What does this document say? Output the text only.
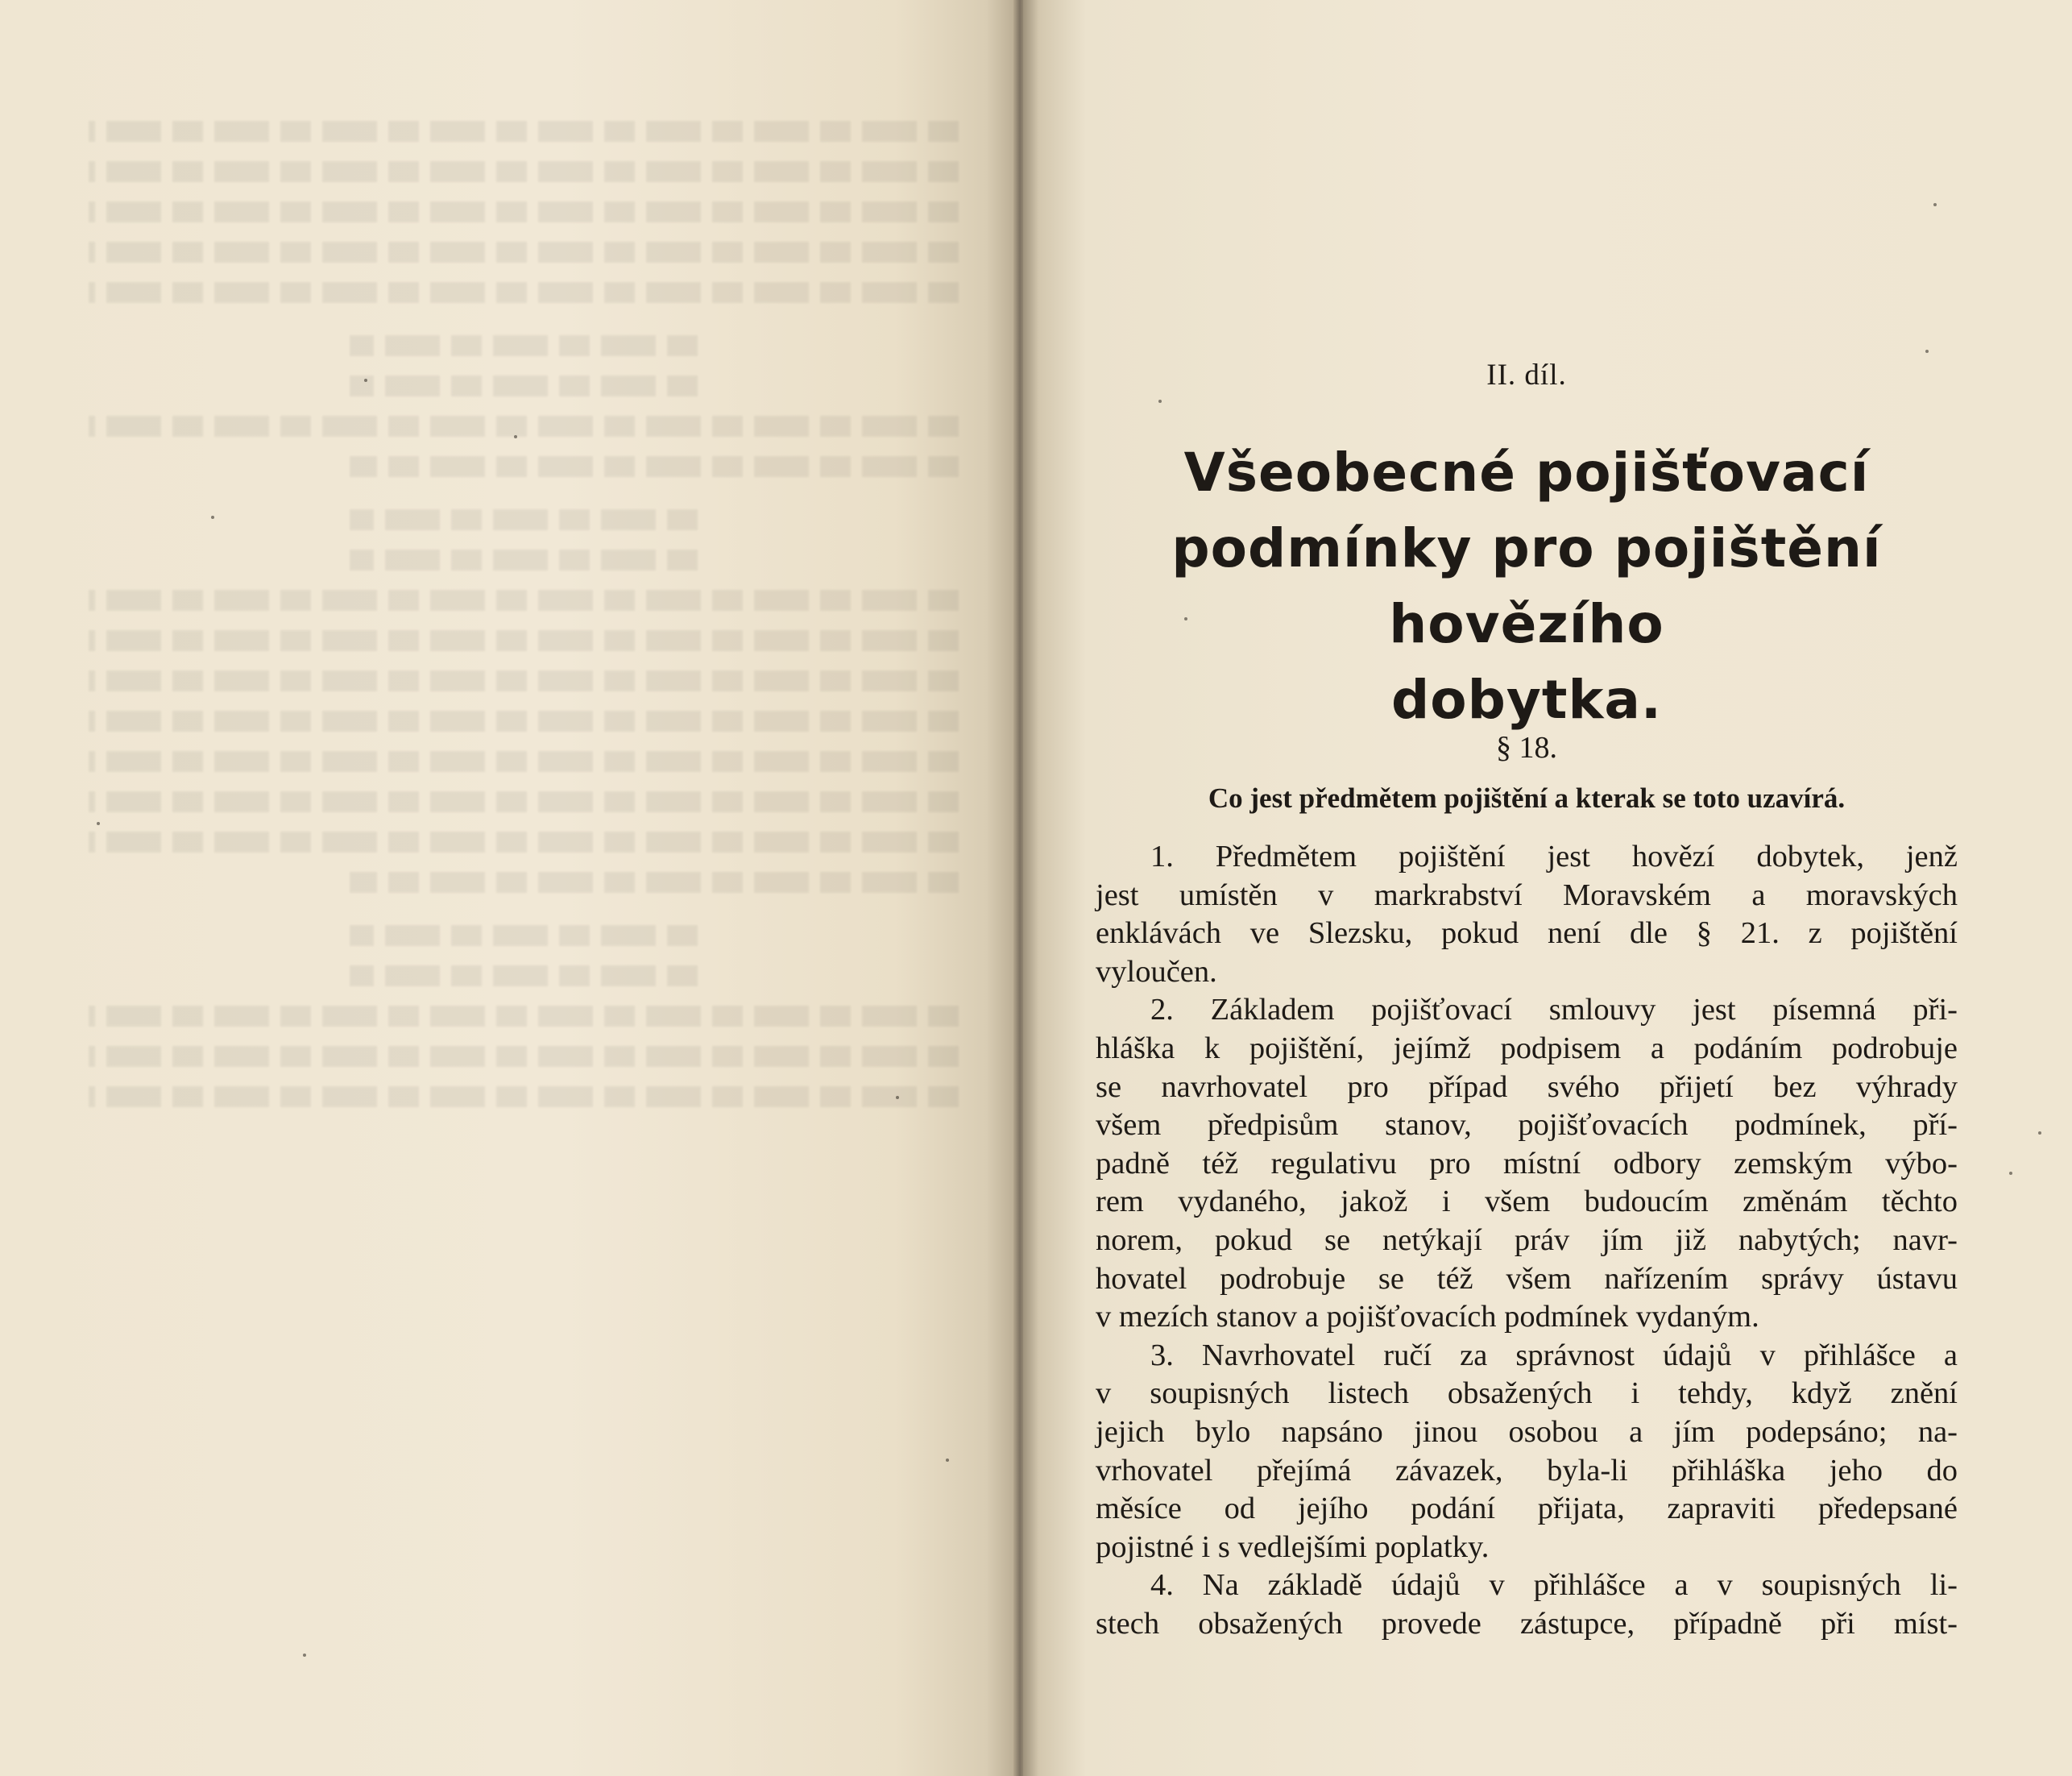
II. díl.
Všeobecné pojišťovací
podmínky pro pojištění hovězího
dobytka.
§ 18.
Co jest předmětem pojištění a kterak se toto uzavírá.
1. Předmětem pojištění jest hovězí dobytek, jenž
jest umístěn v markrabství Moravském a moravských
enklávách ve Slezsku, pokud není dle § 21. z pojištění
vyloučen.
2. Základem pojišťovací smlouvy jest písemná při-
hláška k pojištění, jejímž podpisem a podáním podrobuje
se navrhovatel pro případ svého přijetí bez výhrady
všem předpisům stanov, pojišťovacích podmínek, pří-
padně též regulativu pro místní odbory zemským výbo-
rem vydaného, jakož i všem budoucím změnám těchto
norem, pokud se netýkají práv jím již nabytých; navr-
hovatel podrobuje se též všem nařízením správy ústavu
v mezích stanov a pojišťovacích podmínek vydaným.
3. Navrhovatel ručí za správnost údajů v přihlášce a
v soupisných listech obsažených i tehdy, když znění
jejich bylo napsáno jinou osobou a jím podepsáno; na-
vrhovatel přejímá závazek, byla-li přihláška jeho do
měsíce od jejího podání přijata, zapraviti předepsané
pojistné i s vedlejšími poplatky.
4. Na základě údajů v přihlášce a v soupisných li-
stech obsažených provede zástupce, případně při míst-
